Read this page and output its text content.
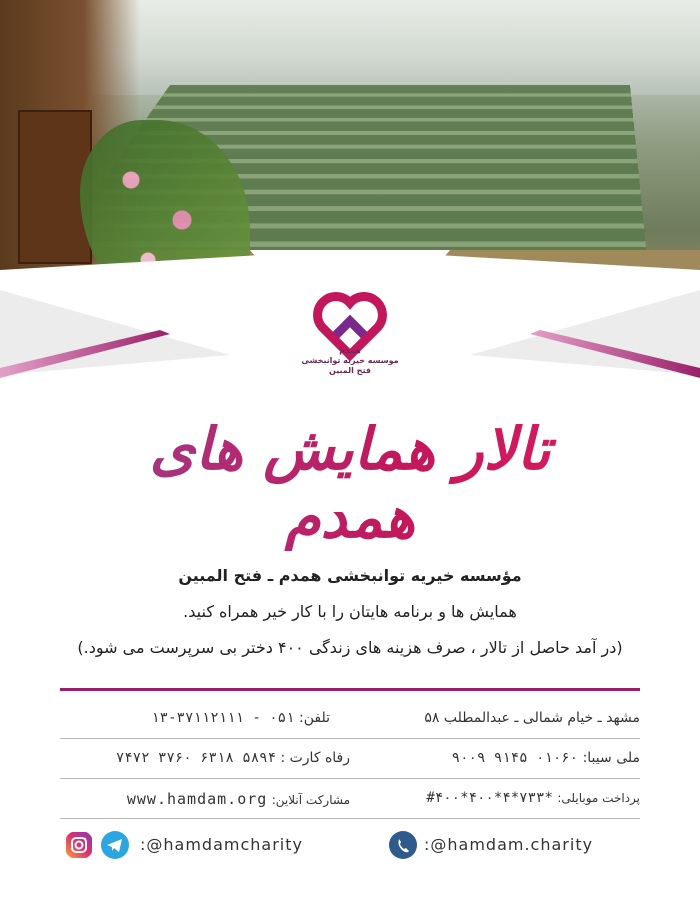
همدم
موسسه خیریه توانبخشی
فتح المبین
تالار همایش های همدم
مؤسسه خیریه توانبخشی همدم ـ فتح المبین
همایش ها و برنامه هایتان را با کار خیر همراه کنید.
(در آمد حاصل از تالار ، صرف هزینه های زندگی ۴۰۰ دختر بی سرپرست می شود.)
مشهد ـ خیام شمالی ـ عبدالمطلب ۵۸
تلفن: ۰۵۱ - ۳۷۱۱۲۱۱۱-۱۳
ملی سیبا: ۰۱۰۶۰ ۹۱۴۵ ۹۰۰۹
رفاه کارت : ۵۸۹۴ ۶۳۱۸ ۳۷۶۰ ۷۴۷۲
پرداخت موبایلی: *۷۳۳*۴*۴۰۰*۴۰۰#
مشارکت آنلاین: www.hamdam.org
:@hamdamcharity	:@hamdam.charity
